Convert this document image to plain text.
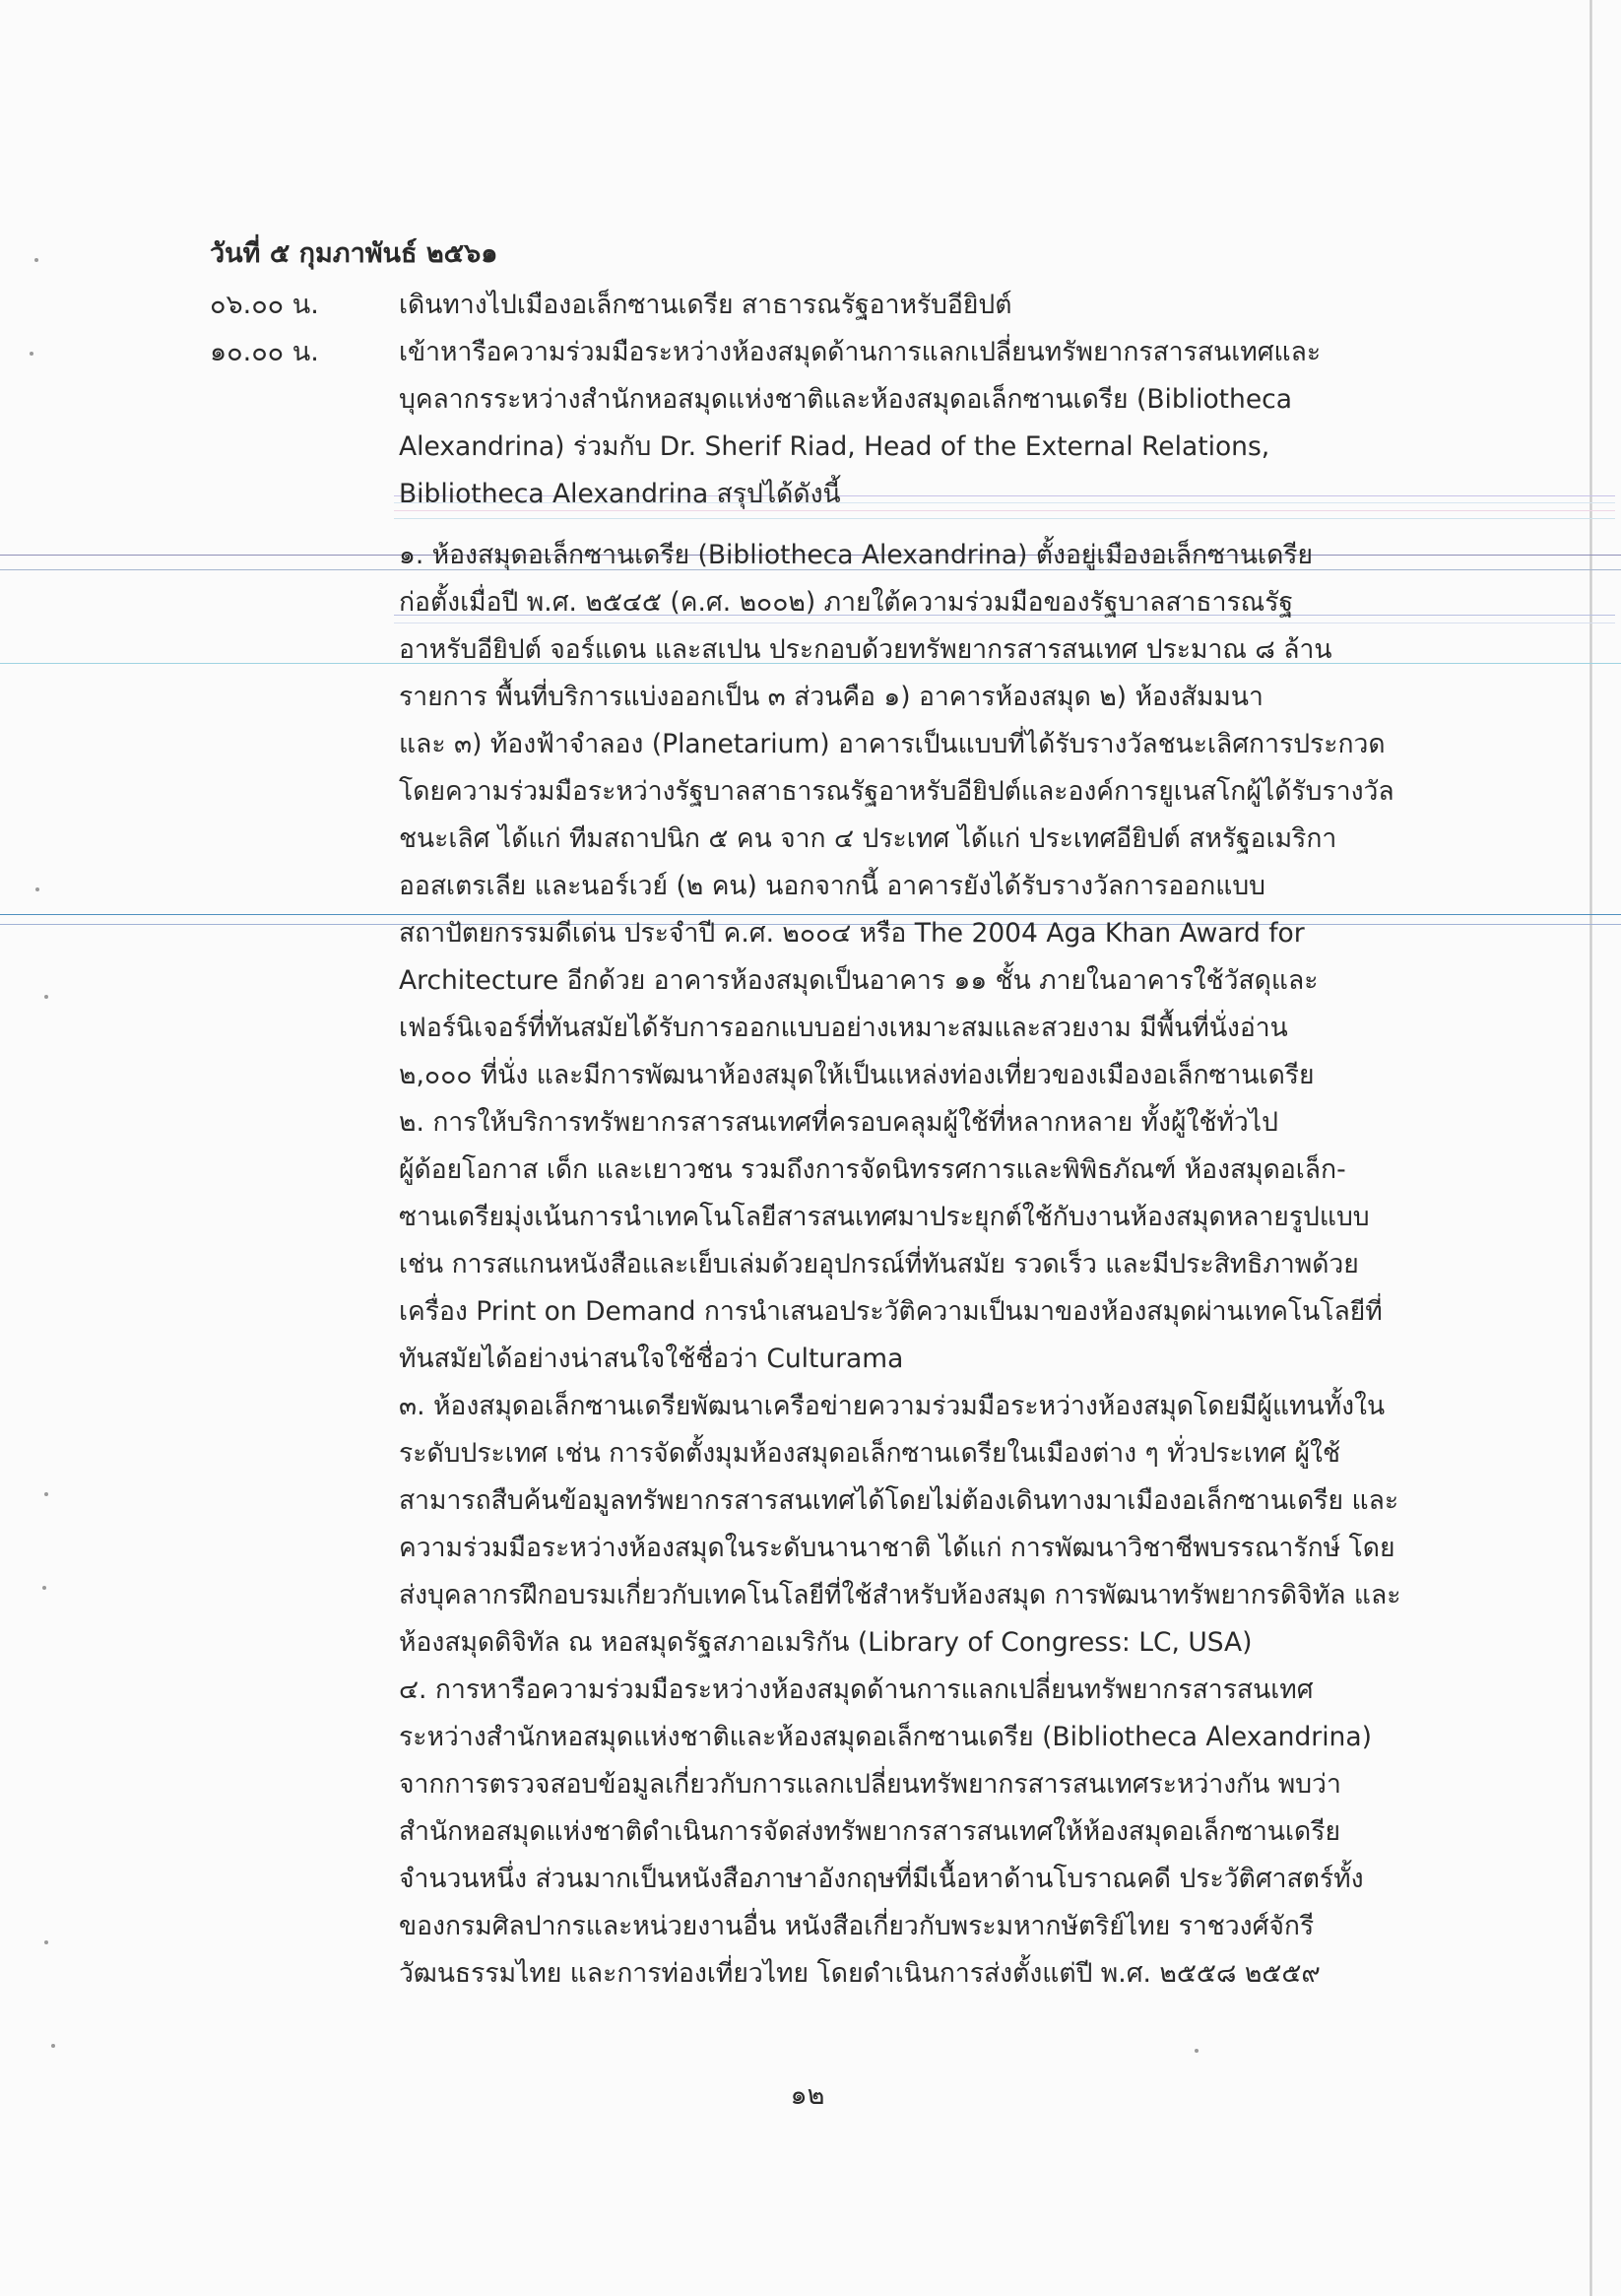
วันที่ ๕ กุมภาพันธ์ ๒๕๖๑
๐๖.๐๐ น.	เดินทางไปเมืองอเล็กซานเดรีย สาธารณรัฐอาหรับอียิปต์
๑๐.๐๐ น.	เข้าหารือความร่วมมือระหว่างห้องสมุดด้านการแลกเปลี่ยนทรัพยากรสารสนเทศและ
บุคลากรระหว่างสำนักหอสมุดแห่งชาติและห้องสมุดอเล็กซานเดรีย (Bibliotheca
Alexandrina) ร่วมกับ Dr. Sherif Riad, Head of the External Relations,
Bibliotheca Alexandrina สรุปได้ดังนี้
๑. ห้องสมุดอเล็กซานเดรีย (Bibliotheca Alexandrina) ตั้งอยู่เมืองอเล็กซานเดรีย
ก่อตั้งเมื่อปี พ.ศ. ๒๕๔๕ (ค.ศ. ๒๐๐๒) ภายใต้ความร่วมมือของรัฐบาลสาธารณรัฐ
อาหรับอียิปต์ จอร์แดน และสเปน ประกอบด้วยทรัพยากรสารสนเทศ ประมาณ ๘ ล้าน
รายการ พื้นที่บริการแบ่งออกเป็น ๓ ส่วนคือ ๑) อาคารห้องสมุด ๒) ห้องสัมมนา
และ ๓) ท้องฟ้าจำลอง (Planetarium) อาคารเป็นแบบที่ได้รับรางวัลชนะเลิศการประกวด
โดยความร่วมมือระหว่างรัฐบาลสาธารณรัฐอาหรับอียิปต์และองค์การยูเนสโกผู้ได้รับรางวัล
ชนะเลิศ ได้แก่ ทีมสถาปนิก ๕ คน จาก ๔ ประเทศ ได้แก่ ประเทศอียิปต์ สหรัฐอเมริกา
ออสเตรเลีย และนอร์เวย์ (๒ คน) นอกจากนี้ อาคารยังได้รับรางวัลการออกแบบ
สถาปัตยกรรมดีเด่น ประจำปี ค.ศ. ๒๐๐๔ หรือ The 2004 Aga Khan Award for
Architecture อีกด้วย อาคารห้องสมุดเป็นอาคาร ๑๑ ชั้น ภายในอาคารใช้วัสดุและ
เฟอร์นิเจอร์ที่ทันสมัยได้รับการออกแบบอย่างเหมาะสมและสวยงาม มีพื้นที่นั่งอ่าน
๒,๐๐๐ ที่นั่ง และมีการพัฒนาห้องสมุดให้เป็นแหล่งท่องเที่ยวของเมืองอเล็กซานเดรีย
๒. การให้บริการทรัพยากรสารสนเทศที่ครอบคลุมผู้ใช้ที่หลากหลาย ทั้งผู้ใช้ทั่วไป
ผู้ด้อยโอกาส เด็ก และเยาวชน รวมถึงการจัดนิทรรศการและพิพิธภัณฑ์ ห้องสมุดอเล็ก-
ซานเดรียมุ่งเน้นการนำเทคโนโลยีสารสนเทศมาประยุกต์ใช้กับงานห้องสมุดหลายรูปแบบ
เช่น การสแกนหนังสือและเย็บเล่มด้วยอุปกรณ์ที่ทันสมัย รวดเร็ว และมีประสิทธิภาพด้วย
เครื่อง Print on Demand การนำเสนอประวัติความเป็นมาของห้องสมุดผ่านเทคโนโลยีที่
ทันสมัยได้อย่างน่าสนใจใช้ชื่อว่า Culturama
๓. ห้องสมุดอเล็กซานเดรียพัฒนาเครือข่ายความร่วมมือระหว่างห้องสมุดโดยมีผู้แทนทั้งใน
ระดับประเทศ เช่น การจัดตั้งมุมห้องสมุดอเล็กซานเดรียในเมืองต่าง ๆ ทั่วประเทศ ผู้ใช้
สามารถสืบค้นข้อมูลทรัพยากรสารสนเทศได้โดยไม่ต้องเดินทางมาเมืองอเล็กซานเดรีย และ
ความร่วมมือระหว่างห้องสมุดในระดับนานาชาติ ได้แก่ การพัฒนาวิชาชีพบรรณารักษ์ โดย
ส่งบุคลากรฝึกอบรมเกี่ยวกับเทคโนโลยีที่ใช้สำหรับห้องสมุด การพัฒนาทรัพยากรดิจิทัล และ
ห้องสมุดดิจิทัล ณ หอสมุดรัฐสภาอเมริกัน (Library of Congress: LC, USA)
๔. การหารือความร่วมมือระหว่างห้องสมุดด้านการแลกเปลี่ยนทรัพยากรสารสนเทศ
ระหว่างสำนักหอสมุดแห่งชาติและห้องสมุดอเล็กซานเดรีย (Bibliotheca Alexandrina)
จากการตรวจสอบข้อมูลเกี่ยวกับการแลกเปลี่ยนทรัพยากรสารสนเทศระหว่างกัน พบว่า
สำนักหอสมุดแห่งชาติดำเนินการจัดส่งทรัพยากรสารสนเทศให้ห้องสมุดอเล็กซานเดรีย
จำนวนหนึ่ง ส่วนมากเป็นหนังสือภาษาอังกฤษที่มีเนื้อหาด้านโบราณคดี ประวัติศาสตร์ทั้ง
ของกรมศิลปากรและหน่วยงานอื่น หนังสือเกี่ยวกับพระมหากษัตริย์ไทย ราชวงศ์จักรี
วัฒนธรรมไทย และการท่องเที่ยวไทย โดยดำเนินการส่งตั้งแต่ปี พ.ศ. ๒๕๕๘ ๒๕๕๙
๑๒
